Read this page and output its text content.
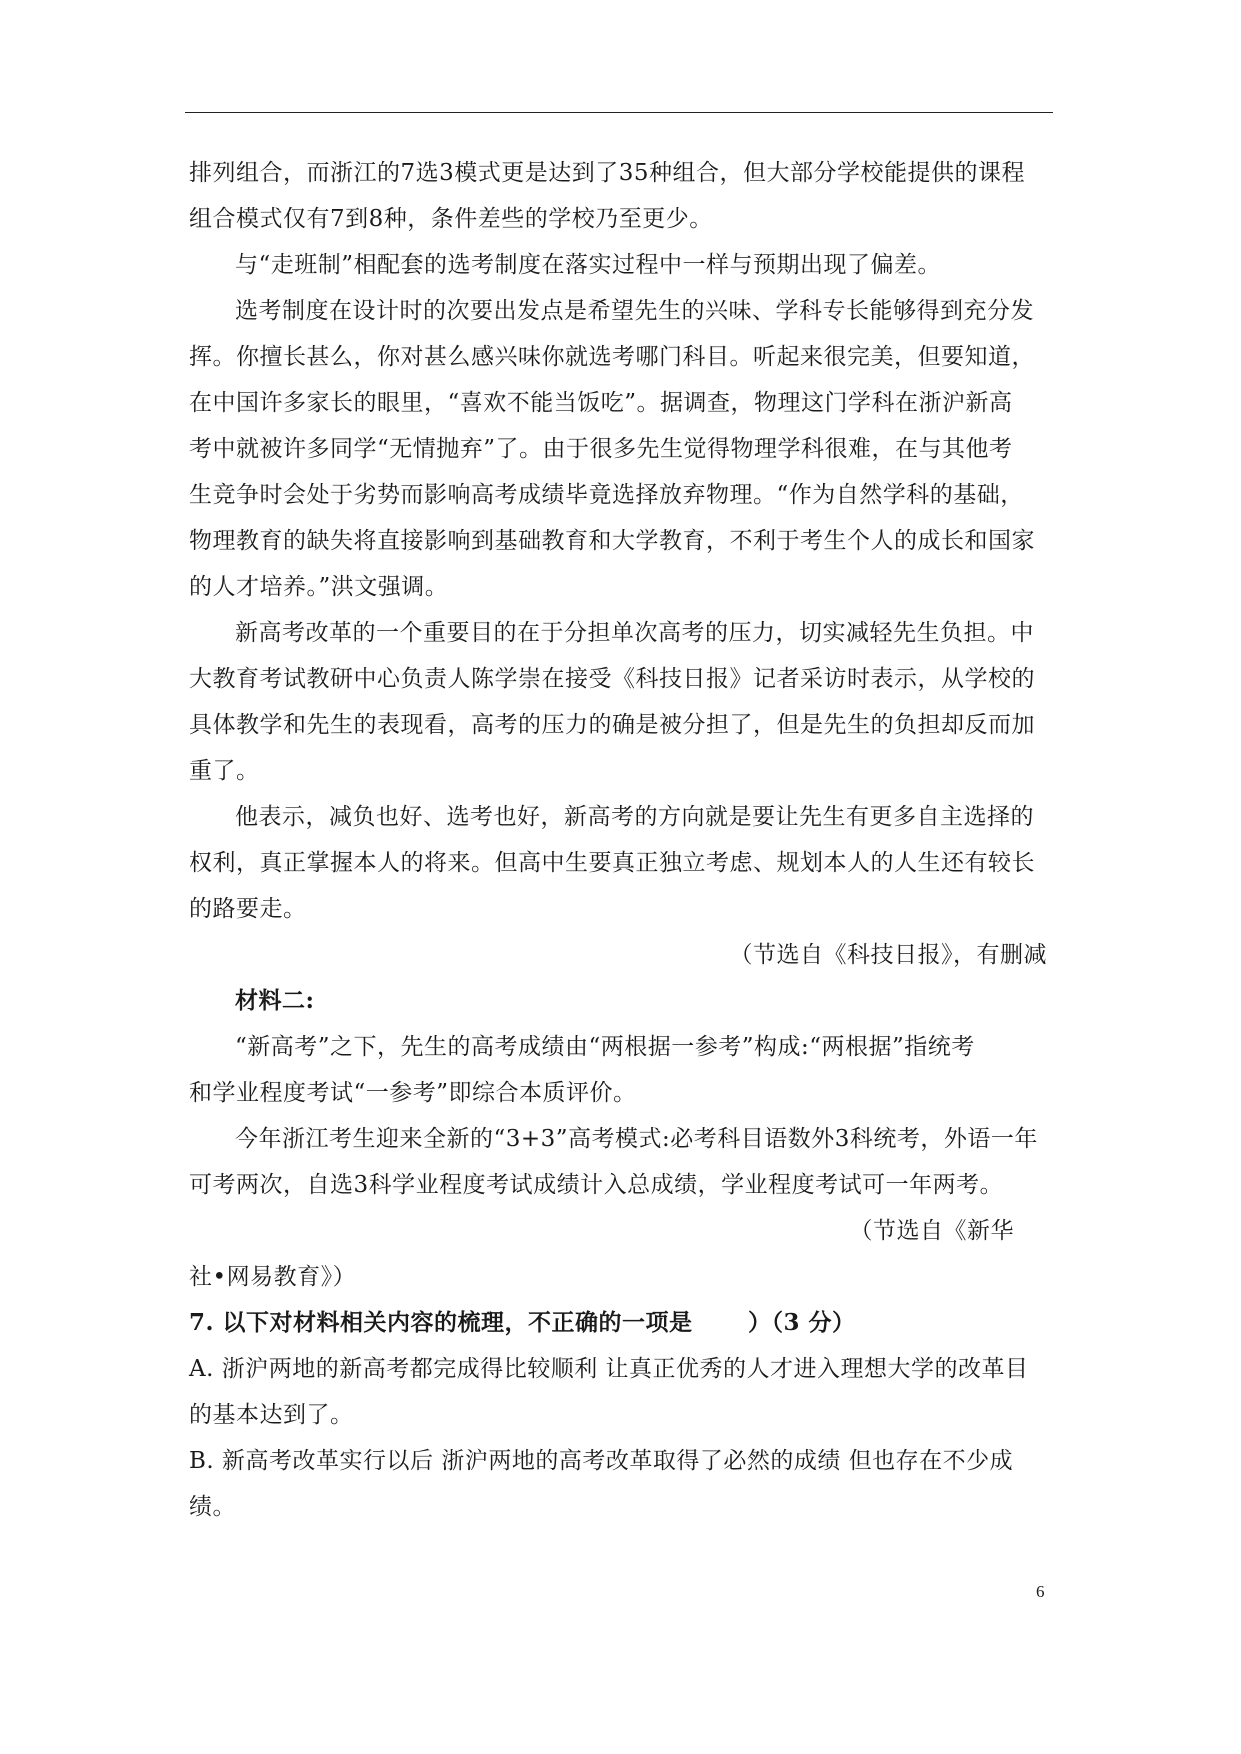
排列组合，而浙江的7选3模式更是达到了35种组合，但大部分学校能提供的课程
组合模式仅有7到8种，条件差些的学校乃至更少。
与“走班制”相配套的选考制度在落实过程中一样与预期出现了偏差。
选考制度在设计时的次要出发点是希望先生的兴味、学科专长能够得到充分发
挥。你擅长甚么，你对甚么感兴味你就选考哪门科目。听起来很完美，但要知道，
在中国许多家长的眼里，“喜欢不能当饭吃”。据调查，物理这门学科在浙沪新高
考中就被许多同学“无情抛弃”了。由于很多先生觉得物理学科很难，在与其他考
生竞争时会处于劣势而影响高考成绩毕竟选择放弃物理。“作为自然学科的基础，
物理教育的缺失将直接影响到基础教育和大学教育，不利于考生个人的成长和国家
的人才培养。”洪文强调。
新高考改革的一个重要目的在于分担单次高考的压力，切实减轻先生负担。中
大教育考试教研中心负责人陈学崇在接受《科技日报》记者采访时表示，从学校的
具体教学和先生的表现看，高考的压力的确是被分担了，但是先生的负担却反而加
重了。
他表示，减负也好、选考也好，新高考的方向就是要让先生有更多自主选择的
权利，真正掌握本人的将来。但高中生要真正独立考虑、规划本人的人生还有较长
的路要走。
（节选自《科技日报》，有删减
材料二:
“新高考”之下，先生的高考成绩由“两根据一参考”构成:“两根据”指统考
和学业程度考试“一参考”即综合本质评价。
今年浙江考生迎来全新的“3+3”高考模式:必考科目语数外3科统考，外语一年
可考两次，自选3科学业程度考试成绩计入总成绩，学业程度考试可一年两考。
（节选自《新华
社•网易教育》）
7. 以下对材料相关内容的梳理，不正确的一项是　　 ）（3 分）
A. 浙沪两地的新高考都完成得比较顺利 让真正优秀的人才进入理想大学的改革目
的基本达到了。
B. 新高考改革实行以后 浙沪两地的高考改革取得了必然的成绩 但也存在不少成
绩。
6
